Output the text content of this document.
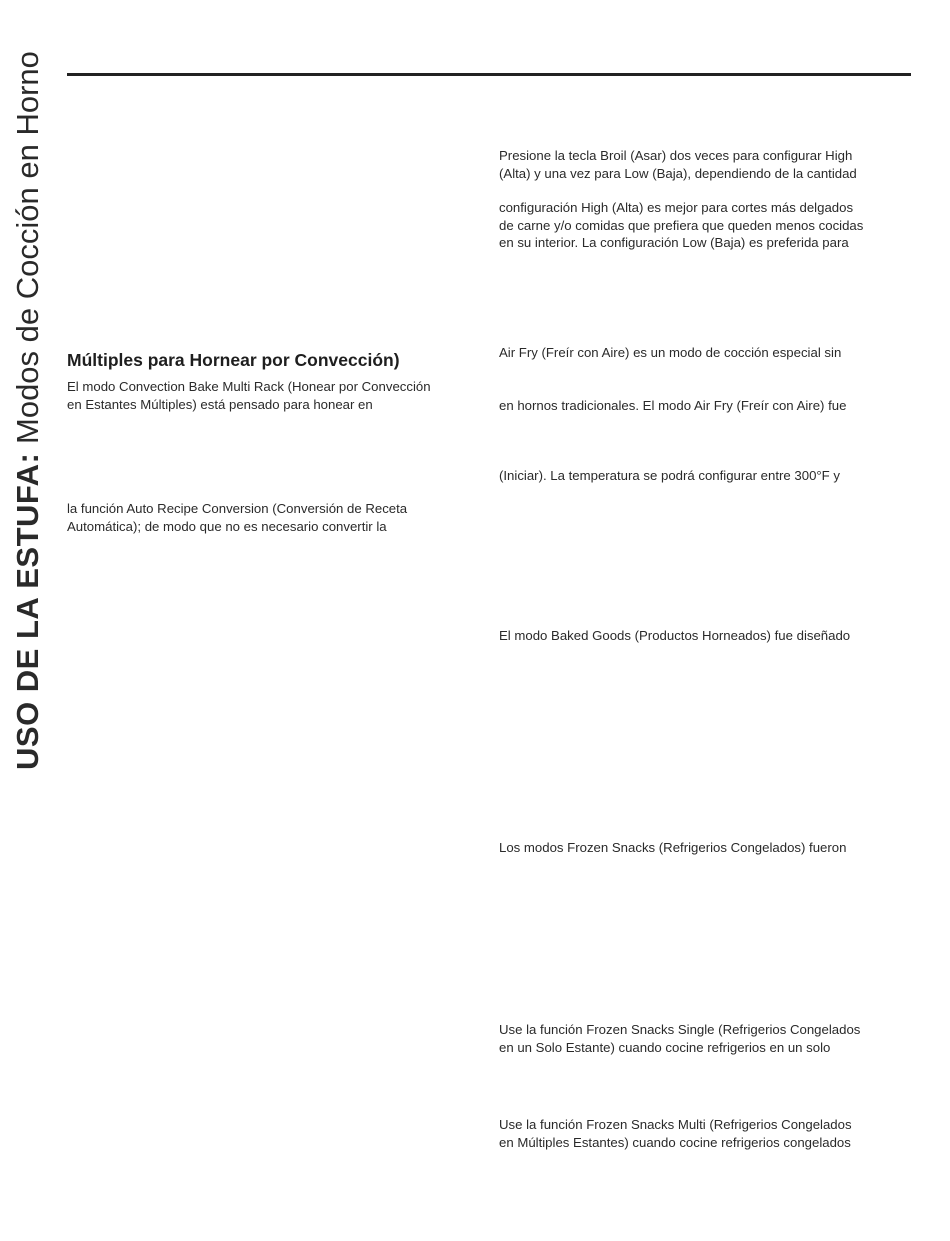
USO DE LA ESTUFA: Modos de Cocción en Horno Múltiples para Hornear por Convección)
El modo Convection Bake Multi Rack (Honear por Convección
en Estantes Múltiples) está pensado para honear en
la función Auto Recipe Conversion (Conversión de Receta
Automática); de modo que no es necesario convertir la
Presione la tecla Broil (Asar) dos veces para configurar High
(Alta) y una vez para Low (Baja), dependiendo de la cantidad
configuración High (Alta) es mejor para cortes más delgados
de carne y/o comidas que prefiera que queden menos cocidas
en su interior. La configuración Low (Baja) es preferida para
Air Fry (Freír con Aire) es un modo de cocción especial sin
en hornos tradicionales. El modo Air Fry (Freír con Aire) fue
(Iniciar). La temperatura se podrá configurar entre 300°F y
El modo Baked Goods (Productos Horneados) fue diseñado
Los modos Frozen Snacks (Refrigerios Congelados) fueron
Use la función Frozen Snacks Single (Refrigerios Congelados
en un Solo Estante) cuando cocine refrigerios en un solo
Use la función Frozen Snacks Multi (Refrigerios Congelados
en Múltiples Estantes) cuando cocine refrigerios congelados
